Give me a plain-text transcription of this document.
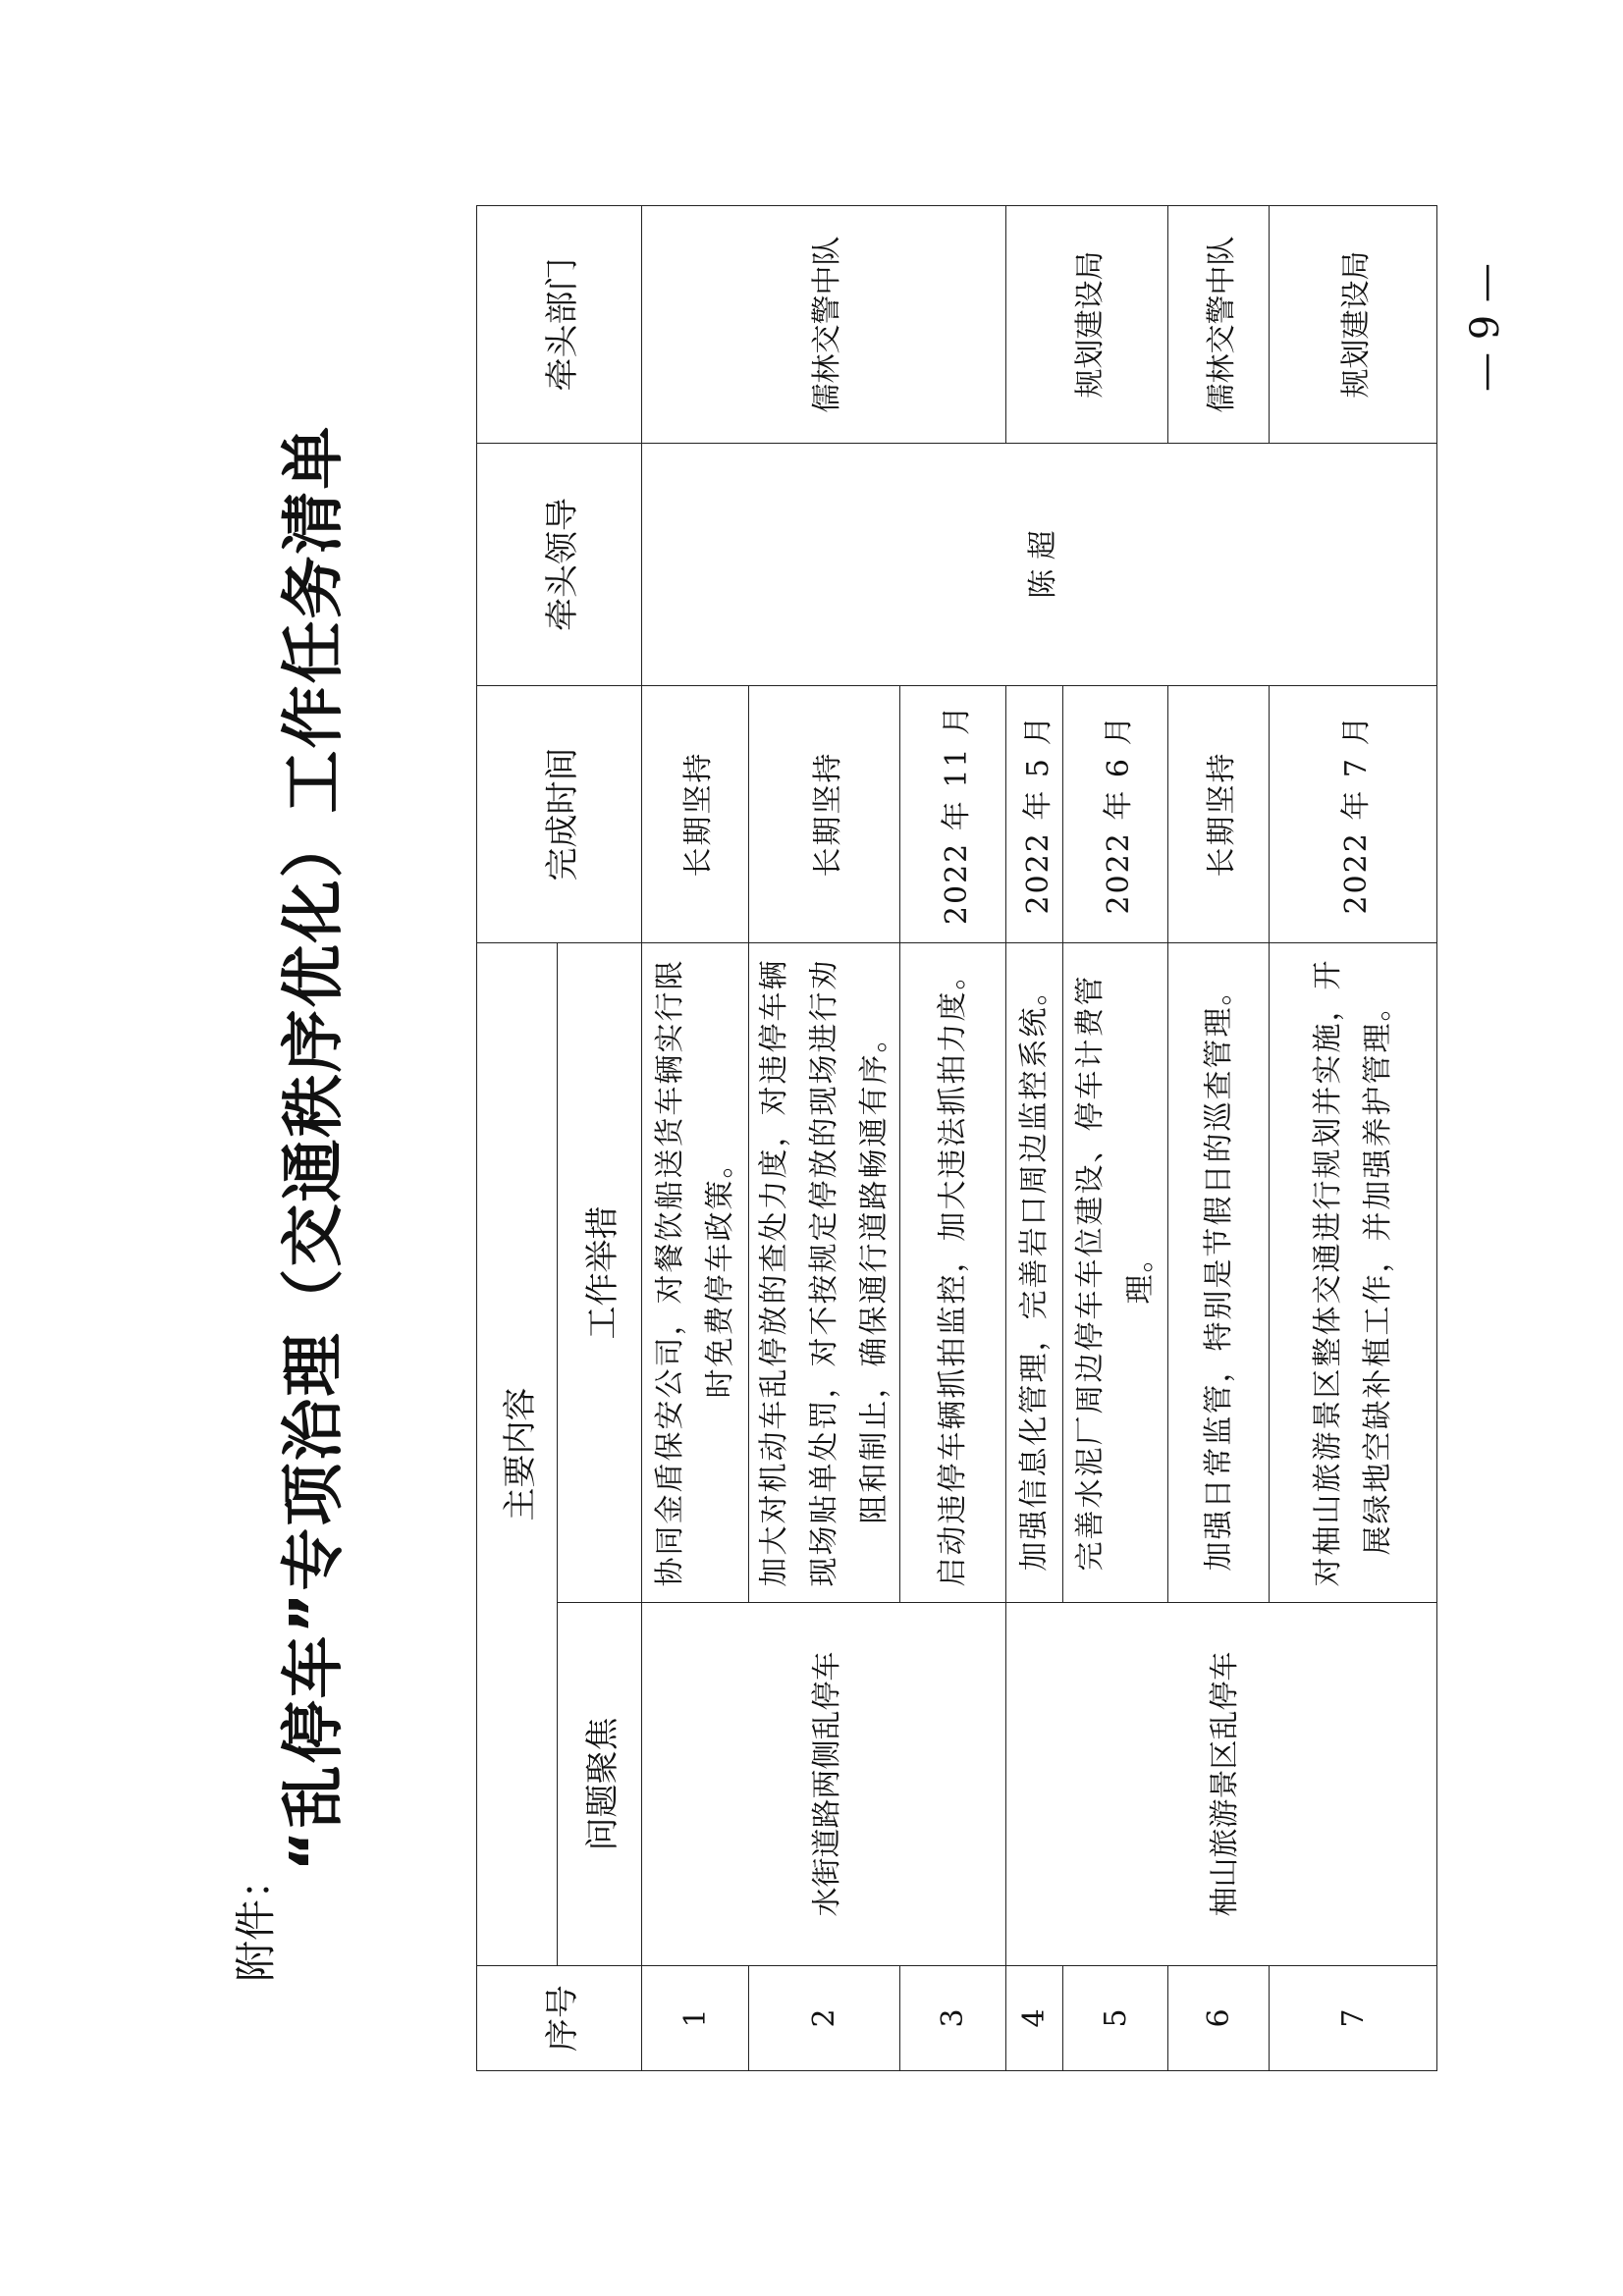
附件：
“乱停车”专项治理（交通秩序优化）工作任务清单
序号	主要内容		完成时间	牵头领导	牵头部门
	问题聚焦	工作举措			
1	水街道路两侧乱停车	协同金盾保安公司，对餐饮船送货车辆实行限时免费停车政策。	长期坚持	陈 超	儒林交警中队
2		加大对机动车乱停放的查处力度，对违停车辆现场贴单处罚，对不按规定停放的现场进行劝阻和制止，确保通行道路畅通有序。	长期坚持		
3		启动违停车辆抓拍监控，加大违法抓拍力度。	2022 年 11 月		
4	柚山旅游景区乱停车	加强信息化管理，完善岩口周边监控系统。	2022 年 5 月		规划建设局
5		完善水泥厂周边停车车位建设、停车计费管理。	2022 年 6 月		
6		加强日常监管，特别是节假日的巡查管理。	长期坚持		儒林交警中队
7		对柚山旅游景区整体交通进行规划并实施，开展绿地空缺补植工作，并加强养护管理。	2022 年 7 月		规划建设局 — 9 —
